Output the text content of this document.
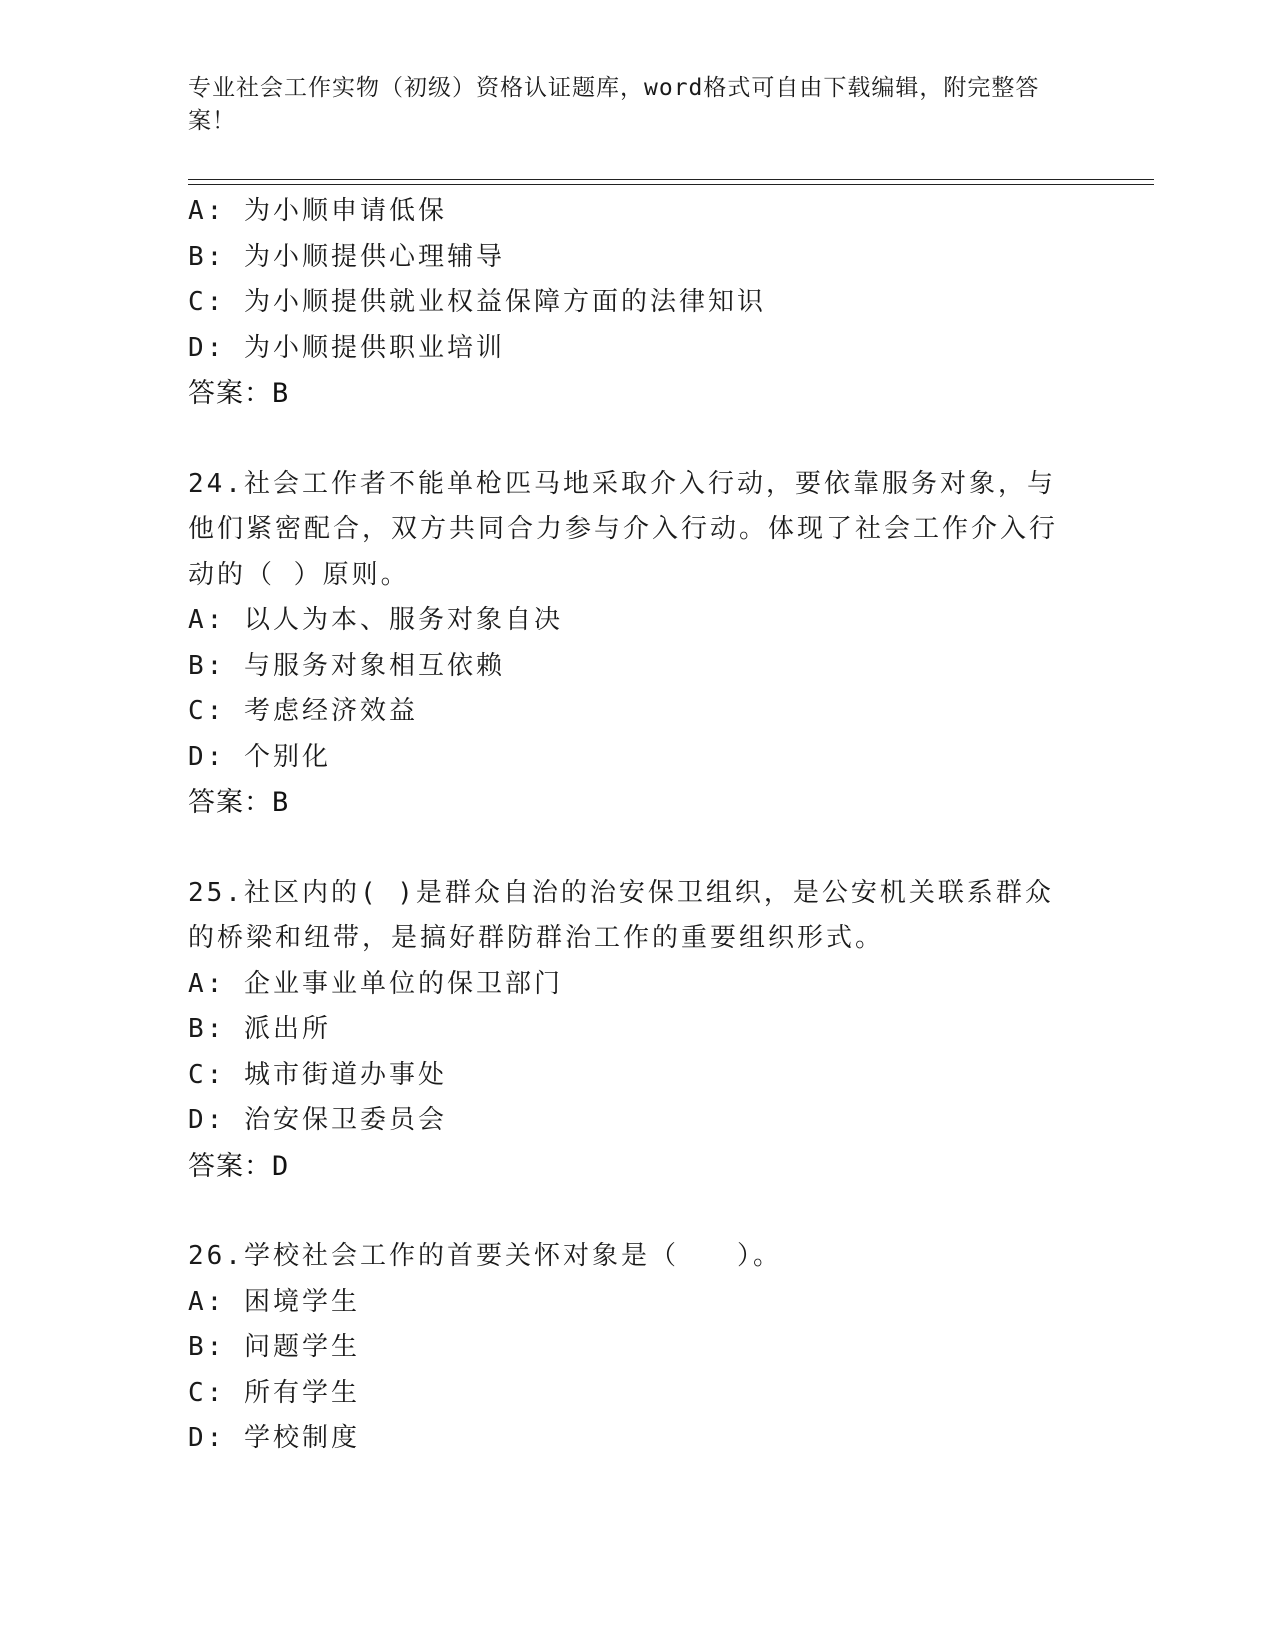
专业社会工作实物（初级）资格认证题库，word格式可自由下载编辑，附完整答案！
A: 为小顺申请低保
B: 为小顺提供心理辅导
C: 为小顺提供就业权益保障方面的法律知识
D: 为小顺提供职业培训
答案：B
24.社会工作者不能单枪匹马地采取介入行动，要依靠服务对象，与他们紧密配合，双方共同合力参与介入行动。体现了社会工作介入行动的（ ）原则。
A: 以人为本、服务对象自决
B: 与服务对象相互依赖
C: 考虑经济效益
D: 个别化
答案：B
25.社区内的( )是群众自治的治安保卫组织，是公安机关联系群众的桥梁和纽带，是搞好群防群治工作的重要组织形式。
A: 企业事业单位的保卫部门
B: 派出所
C: 城市街道办事处
D: 治安保卫委员会
答案：D
26.学校社会工作的首要关怀对象是（　　）。
A: 困境学生
B: 问题学生
C: 所有学生
D: 学校制度
